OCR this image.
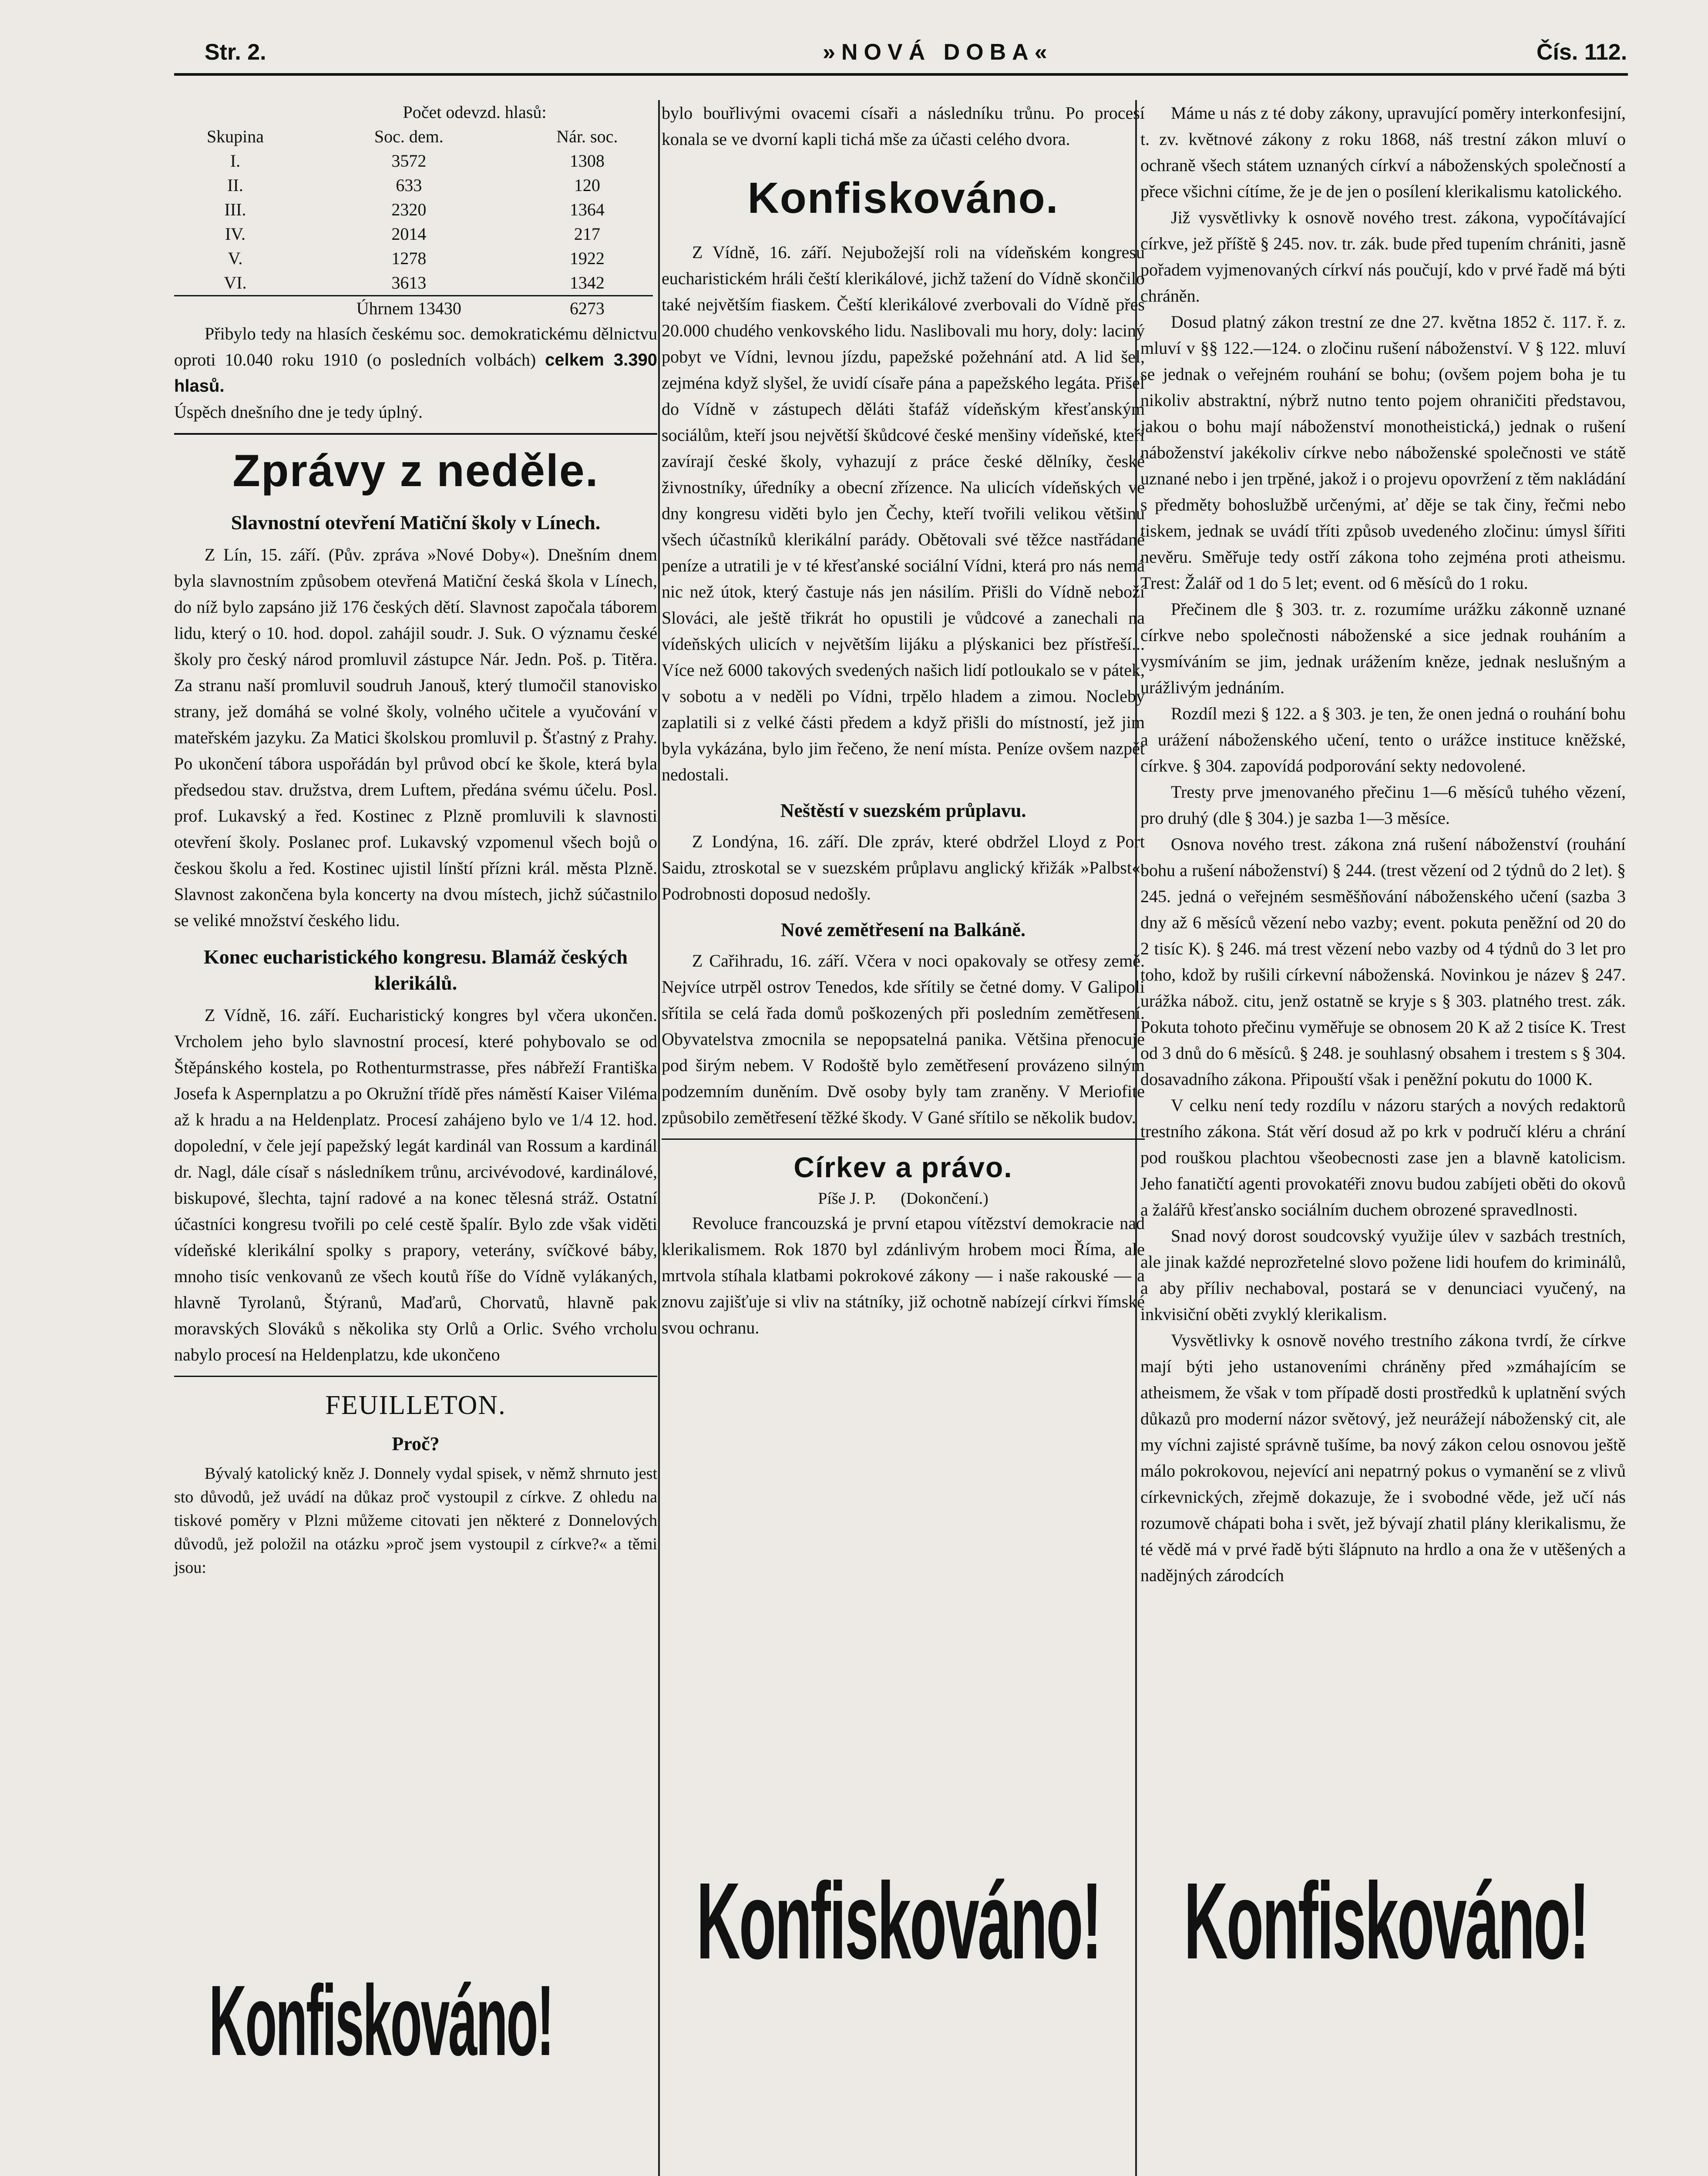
Str. 2.	»NOVÁ DOBA«	Čís. 112.
	Počet odevzd. hlasů:	
Skupina	Soc. dem.	Nár. soc.
I.	3572	1308
II.	633	120
III.	2320	1364
IV.	2014	217
V.	1278	1922
VI.	3613	1342
	Úhrnem 13430	6273

Přibylo tedy na hlasích českému soc. demokratickému dělnictvu oproti 10.040 roku 1910 (o posledních volbách) celkem 3.390 hlasů.

Úspěch dnešního dne je tedy úplný.

Zprávy z neděle.
Slavnostní otevření Matiční školy v Línech.

Z Lín, 15. září. (Pův. zpráva »Nové Doby«). Dnešním dnem byla slavnostním způsobem otevřená Matiční česká škola v Línech, do níž bylo zapsáno již 176 českých dětí. Slavnost započala táborem lidu, který o 10. hod. dopol. zahájil soudr. J. Suk. O významu české školy pro český národ promluvil zástupce Nár. Jedn. Poš. p. Titěra. Za stranu naší promluvil soudruh Janouš, který tlumočil stanovisko strany, jež domáhá se volné školy, volného učitele a vyučování v mateřském jazyku. Za Matici školskou promluvil p. Šťastný z Prahy. Po ukončení tábora uspořádán byl průvod obcí ke škole, která byla předsedou stav. družstva, drem Luftem, předána svému účelu. Posl. prof. Lukavský a řed. Kostinec z Plzně promluvili k slavnosti otevření školy. Poslanec prof. Lukavský vzpomenul všech bojů o českou školu a řed. Kostinec ujistil línští přízni král. města Plzně. Slavnost zakončena byla koncerty na dvou místech, jichž súčastnilo se veliké množství českého lidu.

Konec eucharistického kongresu. Blamáž českých klerikálů.

Z Vídně, 16. září. Eucharistický kongres byl včera ukončen. Vrcholem jeho bylo slavnostní procesí, které pohybovalo se od Štěpánského kostela, po Rothenturmstrasse, přes nábřeží Františka Josefa k Aspernplatzu a po Okružní třídě přes náměstí Kaiser Viléma až k hradu a na Heldenplatz. Procesí zahájeno bylo ve 1/4 12. hod. dopolední, v čele její papežský legát kardinál van Rossum a kardinál dr. Nagl, dále císař s následníkem trůnu, arcivévodové, kardinálové, biskupové, šlechta, tajní radové a na konec tělesná stráž. Ostatní účastníci kongresu tvořili po celé cestě špalír. Bylo zde však viděti vídeňské klerikální spolky s prapory, veterány, svíčkové báby, mnoho tisíc venkovanů ze všech koutů říše do Vídně vylákaných, hlavně Tyrolanů, Štýranů, Maďarů, Chorvatů, hlavně pak moravských Slováků s několika sty Orlů a Orlic. Svého vrcholu nabylo procesí na Heldenplatzu, kde ukončeno

FEUILLETON.
Proč?

Bývalý katolický kněz J. Donnely vydal spisek, v němž shrnuto jest sto důvodů, jež uvádí na důkaz proč vystoupil z církve. Z ohledu na tiskové poměry v Plzni můžeme citovati jen některé z Donnelových důvodů, jež položil na otázku »proč jsem vystoupil z církve?« a těmi jsou:

Konfiskováno!

bylo bouřlivými ovacemi císaři a následníku trůnu. Po procesí konala se ve dvorní kapli tichá mše za účasti celého dvora.

Konfiskováno.

Z Vídně, 16. září. Nejubožejší roli na vídeňském kongresu eucharistickém hráli čeští klerikálové, jichž tažení do Vídně skončilo také největším fiaskem. Čeští klerikálové zverbovali do Vídně přes 20.000 chudého venkovského lidu. Naslibovali mu hory, doly: laciný pobyt ve Vídni, levnou jízdu, papežské požehnání atd. A lid šel, zejména když slyšel, že uvidí císaře pána a papežského legáta. Přišel do Vídně v zástupech děláti štafáž vídeňským křesťanským sociálům, kteří jsou největší škůdcové české menšiny vídeňské, kteří zavírají české školy, vyhazují z práce české dělníky, české živnostníky, úředníky a obecní zřízence. Na ulicích vídeňských ve dny kongresu viděti bylo jen Čechy, kteří tvořili velikou většinu všech účastníků klerikální parády. Obětovali své těžce nastřádané peníze a utratili je v té křesťanské sociální Vídni, která pro nás nemá nic než útok, který častuje nás jen násilím. Přišli do Vídně neboží Slováci, ale ještě třikrát ho opustili je vůdcové a zanechali na vídeňských ulicích v největším lijáku a plýskanici bez přístřeší... Více než 6000 takových svedených našich lidí potloukalo se v pátek, v sobotu a v neděli po Vídni, trpělo hladem a zimou. Nocleby zaplatili si z velké části předem a když přišli do místností, jež jim byla vykázána, bylo jim řečeno, že není místa. Peníze ovšem nazpět nedostali.

Neštěstí v suezském průplavu.

Z Londýna, 16. září. Dle zpráv, které obdržel Lloyd z Port Saidu, ztroskotal se v suezském průplavu anglický křižák »Palbst«. Podrobnosti doposud nedošly.

Nové zemětřesení na Balkáně.

Z Cařihradu, 16. září. Včera v noci opakovaly se otřesy země. Nejvíce utrpěl ostrov Tenedos, kde sřítily se četné domy. V Galipoli sřítila se celá řada domů poškozených při posledním zemětřesení. Obyvatelstva zmocnila se nepopsatelná panika. Většina přenocuje pod širým nebem. V Rodoště bylo zemětřesení provázeno silným podzemním duněním. Dvě osoby byly tam zraněny. V Meriofite způsobilo zemětřesení těžké škody. V Gané sřítilo se několik budov.

Církev a právo.
Píše J. P. (Dokončení.)

Revoluce francouzská je první etapou vítězství demokracie nad klerikalismem. Rok 1870 byl zdánlivým hrobem moci Říma, ale mrtvola stíhala klatbami pokrokové zákony — i naše rakouské — a znovu zajišťuje si vliv na státníky, již ochotně nabízejí církvi římské svou ochranu.

Konfiskováno!

Máme u nás z té doby zákony, upravující poměry interkonfesijní, t. zv. květnové zákony z roku 1868, náš trestní zákon mluví o ochraně všech státem uznaných církví a náboženských společností a přece všichni cítíme, že je de jen o posílení klerikalismu katolického.

Již vysvětlivky k osnově nového trest. zákona, vypočítávající církve, jež příště § 245. nov. tr. zák. bude před tupením chrániti, jasně pořadem vyjmenovaných církví nás poučují, kdo v prvé řadě má býti chráněn.

Dosud platný zákon trestní ze dne 27. května 1852 č. 117. ř. z. mluví v §§ 122.—124. o zločinu rušení náboženství. V § 122. mluví se jednak o veřejném rouhání se bohu; (ovšem pojem boha je tu nikoliv abstraktní, nýbrž nutno tento pojem ohraničiti představou, jakou o bohu mají náboženství monotheistická,) jednak o rušení náboženství jakékoliv církve nebo náboženské společnosti ve státě uznané nebo i jen trpěné, jakož i o projevu opovržení z těm nakládání s předměty bohoslužbě určenými, ať děje se tak činy, řečmi nebo tiskem, jednak se uvádí tříti způsob uvedeného zločinu: úmysl šířiti nevěru. Směřuje tedy ostří zákona toho zejména proti atheismu. Trest: Žalář od 1 do 5 let; event. od 6 měsíců do 1 roku.

Přečinem dle § 303. tr. z. rozumíme urážku zákonně uznané církve nebo společnosti náboženské a sice jednak rouháním a vysmíváním se jim, jednak urážením kněze, jednak neslušným a urážlivým jednáním.

Rozdíl mezi § 122. a § 303. je ten, že onen jedná o rouhání bohu a urážení náboženského učení, tento o urážce instituce kněžské, církve. § 304. zapovídá podporování sekty nedovolené.

Tresty prve jmenovaného přečinu 1—6 měsíců tuhého vězení, pro druhý (dle § 304.) je sazba 1—3 měsíce.

Osnova nového trest. zákona zná rušení náboženství (rouhání bohu a rušení náboženství) § 244. (trest vězení od 2 týdnů do 2 let). § 245. jedná o veřejném sesměšňování náboženského učení (sazba 3 dny až 6 měsíců vězení nebo vazby; event. pokuta peněžní od 20 do 2 tisíc K). § 246. má trest vězení nebo vazby od 4 týdnů do 3 let pro toho, kdož by rušili církevní náboženská. Novinkou je název § 247. urážka nábož. citu, jenž ostatně se kryje s § 303. platného trest. zák. Pokuta tohoto přečinu vyměřuje se obnosem 20 K až 2 tisíce K. Trest od 3 dnů do 6 měsíců. § 248. je souhlasný obsahem i trestem s § 304. dosavadního zákona. Připouští však i peněžní pokutu do 1000 K.

V celku není tedy rozdílu v názoru starých a nových redaktorů trestního zákona. Stát věrí dosud až po krk v područí kléru a chrání pod rouškou plachtou všeobecnosti zase jen a blavně katolicism. Jeho fanatičtí agenti provokatéři znovu budou zabíjeti oběti do okovů a žalářů křesťansko sociálním duchem obrozené spravedlnosti.

Snad nový dorost soudcovský využije úlev v sazbách trestních, ale jinak každé neprozřetelné slovo požene lidi houfem do kriminálů, a aby příliv nechaboval, postará se v denunciaci vyučený, na inkvisiční oběti zvyklý klerikalism.

Vysvětlivky k osnově nového trestního zákona tvrdí, že církve mají býti jeho ustanoveními chráněny před »zmáhajícím se atheismem, že však v tom případě dosti prostředků k uplatnění svých důkazů pro moderní názor světový, jež neurážejí náboženský cit, ale my víchni zajisté správně tušíme, ba nový zákon celou osnovou ještě málo pokrokovou, nejevící ani nepatrný pokus o vymanění se z vlivů církevnických, zřejmě dokazuje, že i svobodné věde, jež učí nás rozumově chápati boha i svět, jež bývají zhatil plány klerikalismu, že té vědě má v prvé řadě býti šlápnuto na hrdlo a ona že v utěšených a nadějných zárodcích

Konfiskováno!
